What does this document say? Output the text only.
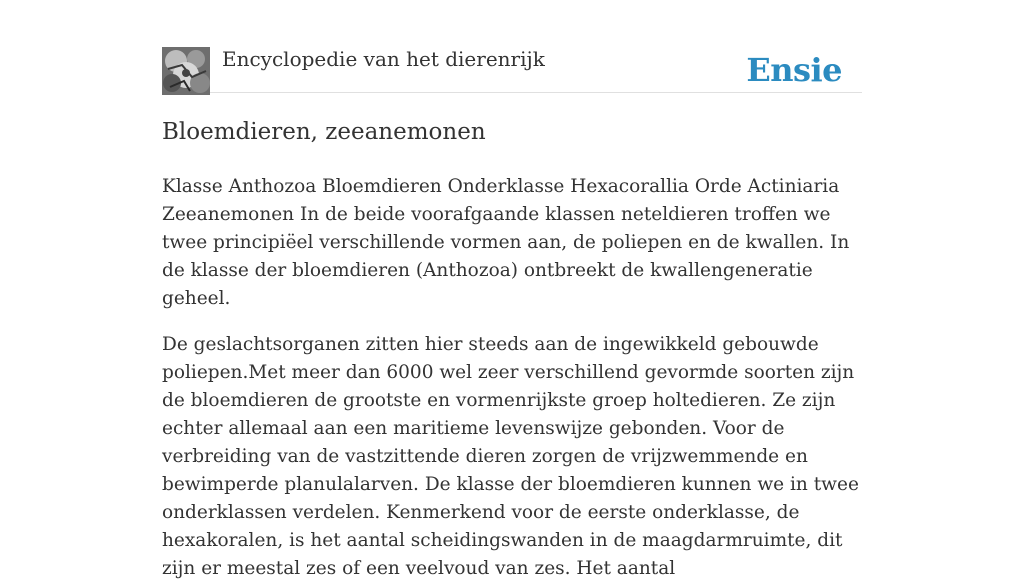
Encyclopedie van het dierenrijk	Ensie
Bloemdieren, zeeanemonen

Klasse Anthozoa Bloemdieren Onderklasse Hexacorallia Orde Actiniaria Zeeanemonen In de beide voorafgaande klassen neteldieren troffen we twee principiëel verschillende vormen aan, de poliepen en de kwallen. In de klasse der bloemdieren (Anthozoa) ontbreekt de kwallengeneratie geheel.

De geslachtsorganen zitten hier steeds aan de ingewikkeld gebouwde poliepen.Met meer dan 6000 wel zeer verschillend gevormde soorten zijn de bloemdieren de grootste en vormenrijkste groep holtedieren. Ze zijn echter allemaal aan een maritieme levenswijze gebonden. Voor de verbreiding van de vastzittende dieren zorgen de vrijzwemmende en bewimperde planulalarven. De klasse der bloemdieren kunnen we in twee onderklassen verdelen. Kenmerkend voor de eerste onderklasse, de hexakoralen, is het aantal scheidingswanden in de maagdarmruimte, dit zijn er meestal zes of een veelvoud van zes. Het aantal
